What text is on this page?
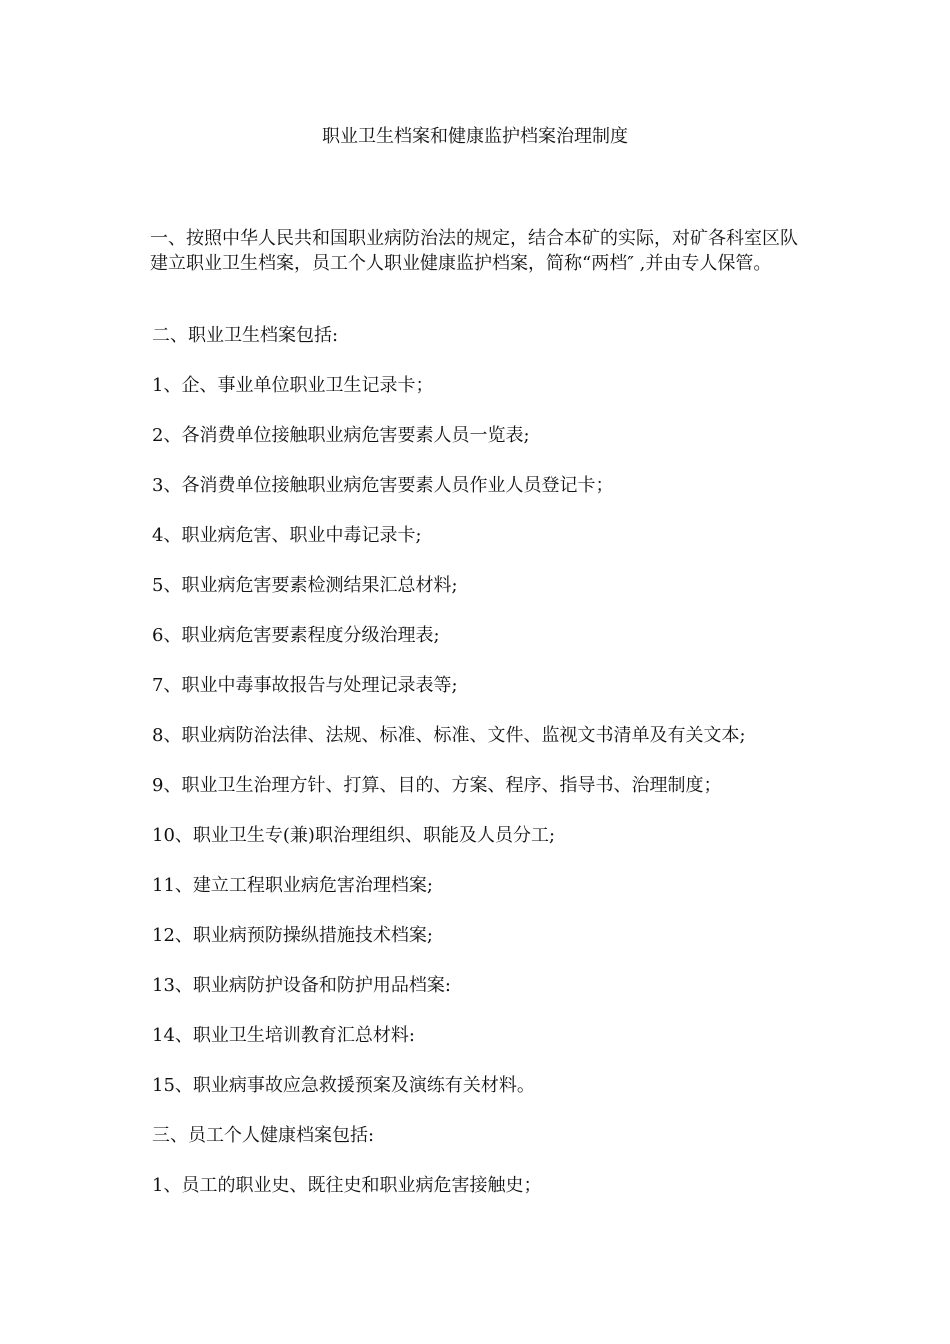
职业卫生档案和健康监护档案治理制度

一、按照中华人民共和国职业病防治法的规定，结合本矿的实际，对矿各科室区队建立职业卫生档案，员工个人职业健康监护档案，简称“两档″ ,并由专人保管。

二、职业卫生档案包括:

1、企、事业单位职业卫生记录卡；

2、各消费单位接触职业病危害要素人员一览表;

3、各消费单位接触职业病危害要素人员作业人员登记卡；

4、职业病危害、职业中毒记录卡;

5、职业病危害要素检测结果汇总材料;

6、职业病危害要素程度分级治理表;

7、职业中毒事故报告与处理记录表等;

8、职业病防治法律、法规、标准、标准、文件、监视文书清单及有关文本;

9、职业卫生治理方针、打算、目的、方案、程序、指导书、治理制度；

10、职业卫生专(兼)职治理组织、职能及人员分工;

11、建立工程职业病危害治理档案;

12、职业病预防操纵措施技术档案;

13、职业病防护设备和防护用品档案:

14、职业卫生培训教育汇总材料:

15、职业病事故应急救援预案及演练有关材料。

三、员工个人健康档案包括:

1、员工的职业史、既往史和职业病危害接触史；
